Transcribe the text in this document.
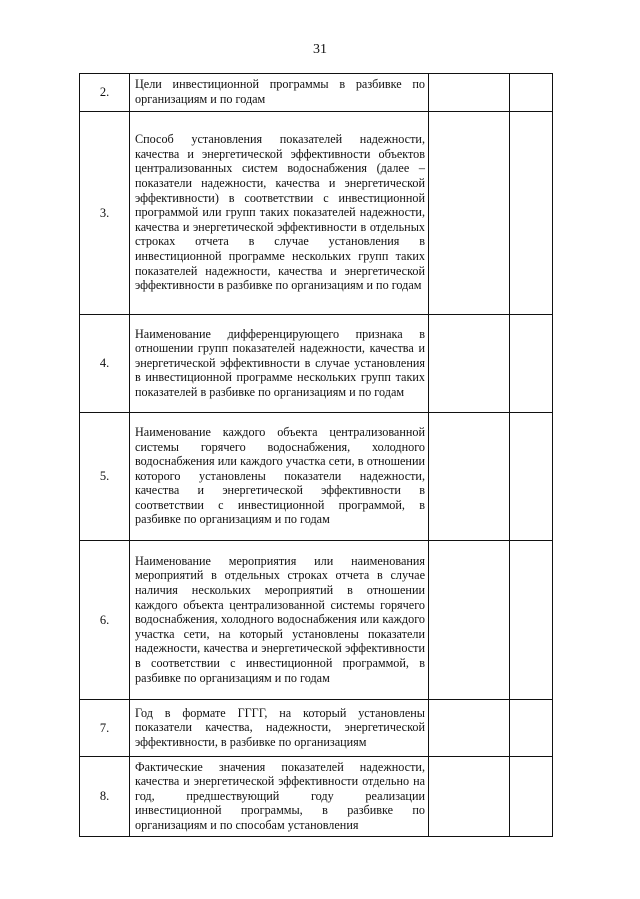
31
2.	Цели инвестиционной программы в разбивке по организациям и по годам		
3.	Способ установления показателей надежности, качества и энергетической эффективности объектов централизованных систем водоснабжения (далее – показатели надежности, качества и энергетической эффективности) в соответствии с инвестиционной программой или групп таких показателей надежности, качества и энергетической эффективности в отдельных строках отчета в случае установления в инвестиционной программе нескольких групп таких показателей надежности, качества и энергетической эффективности в разбивке по организациям и по годам		
4.	Наименование дифференцирующего признака в отношении групп показателей надежности, качества и энергетической эффективности в случае установления в инвестиционной программе нескольких групп таких показателей в разбивке по организациям и по годам		
5.	Наименование каждого объекта централизованной системы горячего водоснабжения, холодного водоснабжения или каждого участка сети, в отношении которого установлены показатели надежности, качества и энергетической эффективности в соответствии с инвестиционной программой, в разбивке по организациям и по годам		
6.	Наименование мероприятия или наименования мероприятий в отдельных строках отчета в случае наличия нескольких мероприятий в отношении каждого объекта централизованной системы горячего водоснабжения, холодного водоснабжения или каждого участка сети, на который установлены показатели надежности, качества и энергетической эффективности в соответствии с инвестиционной программой, в разбивке по организациям и по годам		
7.	Год в формате ГГГГ, на который установлены показатели качества, надежности, энергетической эффективности, в разбивке по организациям		
8.	Фактические значения показателей надежности, качества и энергетической эффективности отдельно на год, предшествующий году реализации инвестиционной программы, в разбивке по организациям и по способам установления		
